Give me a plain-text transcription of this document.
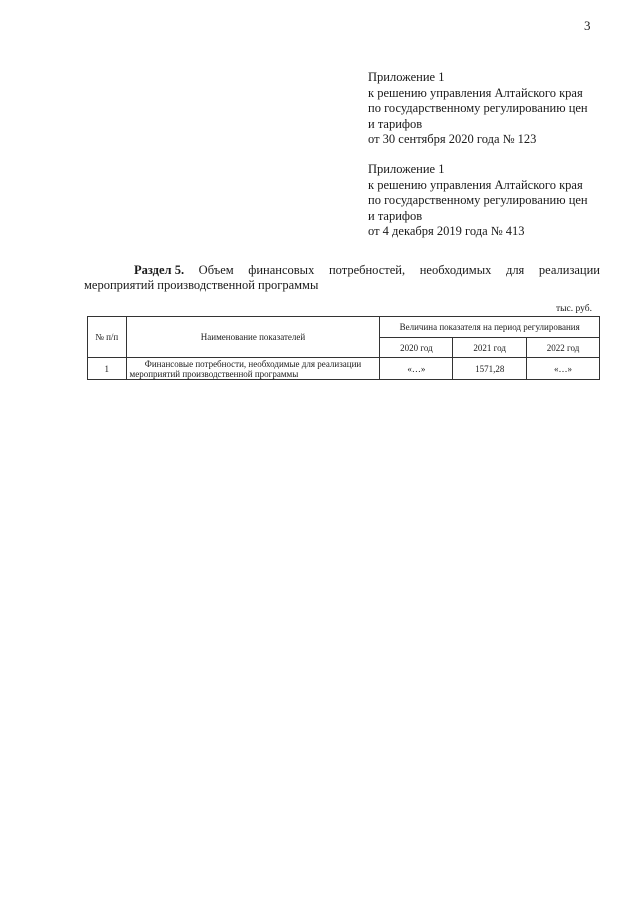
3
Приложение 1
к решению управления Алтайского края
по государственному регулированию цен
и тарифов
от 30 сентября 2020 года № 123
Приложение 1
к решению управления Алтайского края
по государственному регулированию цен
и тарифов
от 4 декабря 2019 года № 413
Раздел 5. Объем финансовых потребностей, необходимых для реализации
мероприятий производственной программы
тыс. руб.
№ п/п	Наименование показателей	Величина показателя на период регулирования		
		2020 год	2021 год	2022 год
1	Финансовые потребности, необходимые для реализации мероприятий производственной программы	«…»	1571,28	«…»
